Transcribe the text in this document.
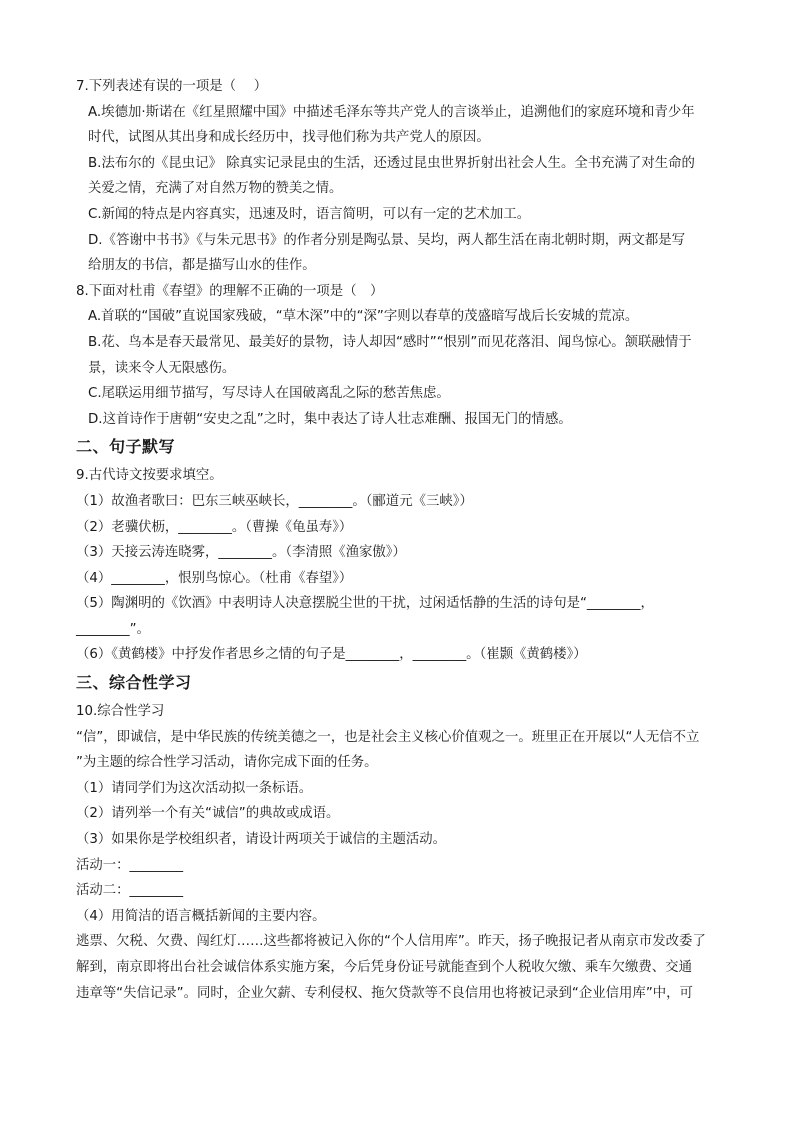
7.下列表述有误的一项是（　 ）
A.埃德加·斯诺在《红星照耀中国》中描述毛泽东等共产党人的言谈举止，追溯他们的家庭环境和青少年
时代，试图从其出身和成长经历中，找寻他们称为共产党人的原因。
B.法布尔的《昆虫记》 除真实记录昆虫的生活，还透过昆虫世界折射出社会人生。全书充满了对生命的
关爱之情，充满了对自然万物的赞美之情。
C.新闻的特点是内容真实，迅速及时，语言简明，可以有一定的艺术加工。
D.《答谢中书书》《与朱元思书》的作者分别是陶弘景、吴均，两人都生活在南北朝时期，两文都是写
给朋友的书信，都是描写山水的佳作。
8.下面对杜甫《春望》的理解不正确的一项是（　）
A.首联的“国破”直说国家残破，“草木深”中的“深”字则以春草的茂盛暗写战后长安城的荒凉。
B.花、鸟本是春天最常见、最美好的景物，诗人却因“感时”“恨别”而见花落泪、闻鸟惊心。颔联融情于
景，读来令人无限感伤。
C.尾联运用细节描写，写尽诗人在国破离乱之际的愁苦焦虑。
D.这首诗作于唐朝“安史之乱”之时，集中表达了诗人壮志难酬、报国无门的情感。
二、句子默写
9.古代诗文按要求填空。
（1）故渔者歌曰：巴东三峡巫峡长，________。（郦道元《三峡》）
（2）老骥伏枥，________。（曹操《龟虽寿》）
（3）天接云涛连晓雾，________。（李清照《渔家傲》）
（4）________，恨别鸟惊心。（杜甫《春望》）
（5）陶渊明的《饮酒》中表明诗人决意摆脱尘世的干扰，过闲适恬静的生活的诗句是“________，
________”。
（6）《黄鹤楼》中抒发作者思乡之情的句子是________，________。（崔颢《黄鹤楼》）
三、综合性学习
10.综合性学习
“信”，即诚信，是中华民族的传统美德之一，也是社会主义核心价值观之一。班里正在开展以“人无信不立
”为主题的综合性学习活动，请你完成下面的任务。
（1）请同学们为这次活动拟一条标语。
（2）请列举一个有关“诚信”的典故或成语。
（3）如果你是学校组织者，请设计两项关于诚信的主题活动。
活动一：________
活动二：________
（4）用简洁的语言概括新闻的主要内容。
逃票、欠税、欠费、闯红灯……这些都将被记入你的“个人信用库”。昨天，扬子晚报记者从南京市发改委了
解到，南京即将出台社会诚信体系实施方案，今后凭身份证号就能查到个人税收欠缴、乘车欠缴费、交通
违章等“失信记录”。同时，企业欠薪、专利侵权、拖欠贷款等不良信用也将被记录到“企业信用库”中，可
